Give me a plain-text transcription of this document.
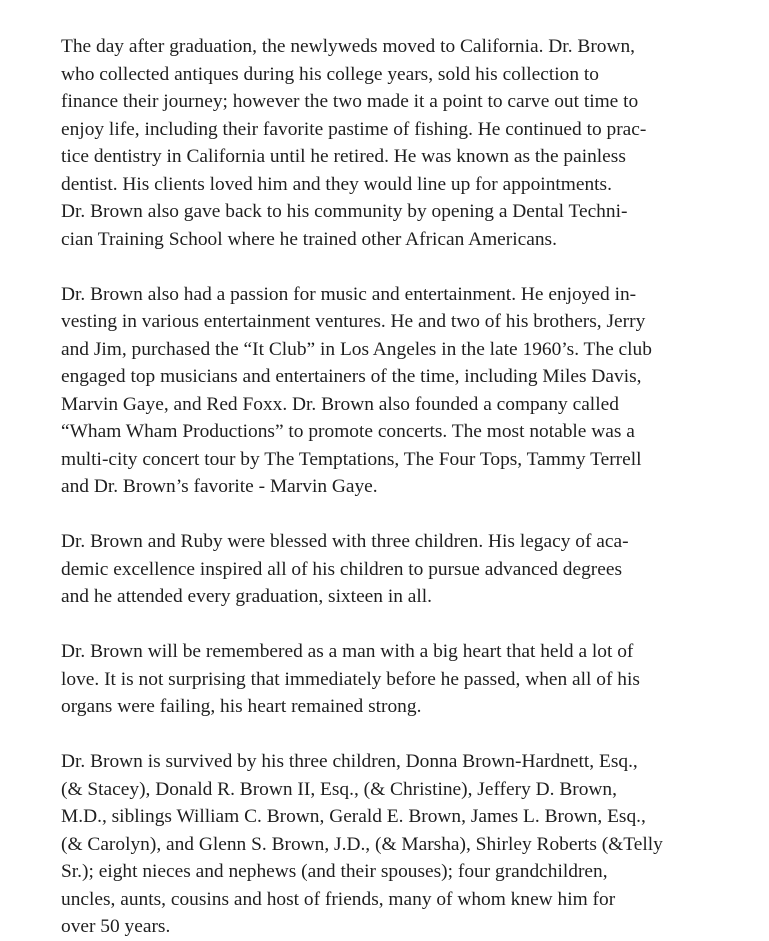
The day after graduation, the newlyweds moved to California. Dr. Brown,
who collected antiques during his college years, sold his collection to
finance their journey; however the two made it a point to carve out time to
enjoy life, including their favorite pastime of fishing. He continued to prac-
tice dentistry in California until he retired. He was known as the painless
dentist. His clients loved him and they would line up for appointments.
Dr. Brown also gave back to his community by opening a Dental Techni-
cian Training School where he trained other African Americans.
Dr. Brown also had a passion for music and entertainment. He enjoyed in-
vesting in various entertainment ventures. He and two of his brothers, Jerry
and Jim, purchased the “It Club” in Los Angeles in the late 1960’s. The club
engaged top musicians and entertainers of the time, including Miles Davis,
Marvin Gaye, and Red Foxx. Dr. Brown also founded a company called
“Wham Wham Productions” to promote concerts. The most notable was a
multi-city concert tour by The Temptations, The Four Tops, Tammy Terrell
and Dr. Brown’s favorite - Marvin Gaye.
Dr. Brown and Ruby were blessed with three children. His legacy of aca-
demic excellence inspired all of his children to pursue advanced degrees
and he attended every graduation, sixteen in all.
Dr. Brown will be remembered as a man with a big heart that held a lot of
love. It is not surprising that immediately before he passed, when all of his
organs were failing, his heart remained strong.
Dr. Brown is survived by his three children, Donna Brown-Hardnett, Esq.,
(& Stacey), Donald R. Brown II, Esq., (& Christine), Jeffery D. Brown,
M.D., siblings William C. Brown, Gerald E. Brown, James L. Brown, Esq.,
(& Carolyn), and Glenn S. Brown, J.D., (& Marsha), Shirley Roberts (&Telly
Sr.); eight nieces and nephews (and their spouses); four grandchildren,
uncles, aunts, cousins and host of friends, many of whom knew him for
over 50 years.
